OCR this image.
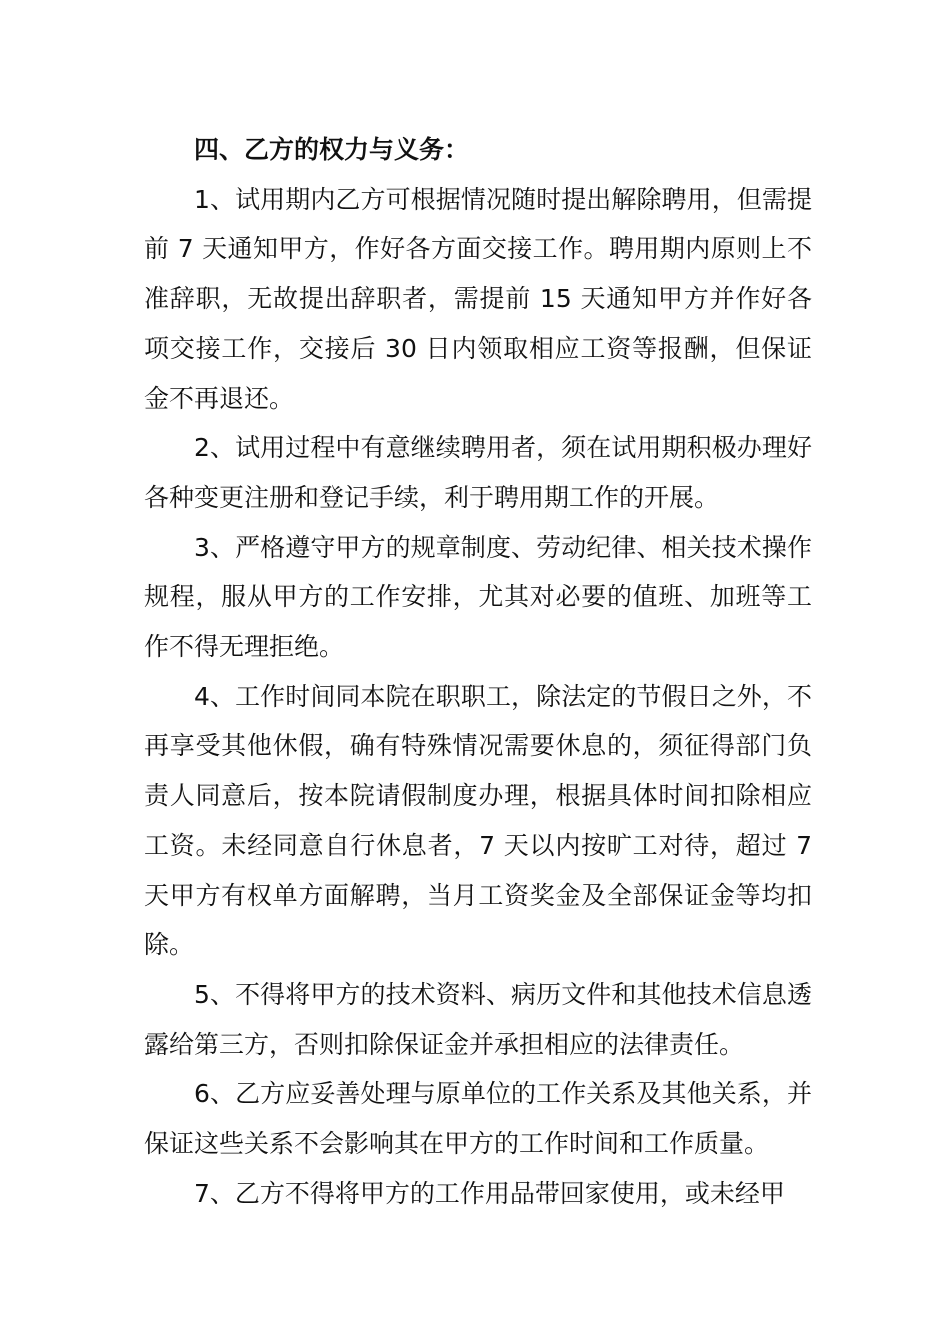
四、乙方的权力与义务：

1、试用期内乙方可根据情况随时提出解除聘用，但需提前 7 天通知甲方，作好各方面交接工作。聘用期内原则上不准辞职，无故提出辞职者，需提前 15 天通知甲方并作好各项交接工作，交接后 30 日内领取相应工资等报酬，但保证金不再退还。

2、试用过程中有意继续聘用者，须在试用期积极办理好各种变更注册和登记手续，利于聘用期工作的开展。

3、严格遵守甲方的规章制度、劳动纪律、相关技术操作规程，服从甲方的工作安排，尤其对必要的值班、加班等工作不得无理拒绝。

4、工作时间同本院在职职工，除法定的节假日之外，不再享受其他休假，确有特殊情况需要休息的，须征得部门负责人同意后，按本院请假制度办理，根据具体时间扣除相应工资。未经同意自行休息者，7 天以内按旷工对待，超过 7 天甲方有权单方面解聘，当月工资奖金及全部保证金等均扣除。

5、不得将甲方的技术资料、病历文件和其他技术信息透露给第三方，否则扣除保证金并承担相应的法律责任。

6、乙方应妥善处理与原单位的工作关系及其他关系，并保证这些关系不会影响其在甲方的工作时间和工作质量。

7、乙方不得将甲方的工作用品带回家使用，或未经甲
